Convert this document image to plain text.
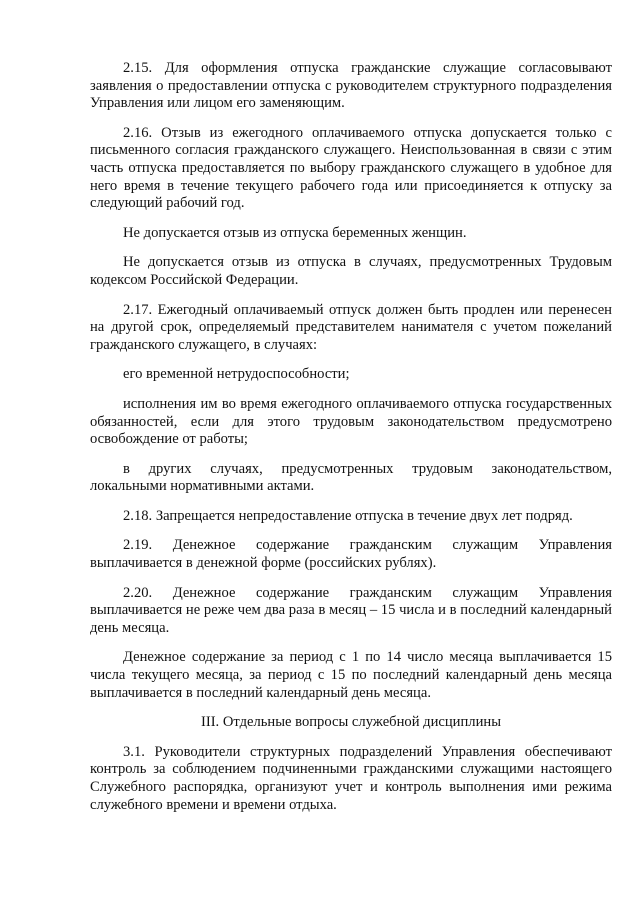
2.15. Для оформления отпуска гражданские служащие согласовывают заявления о предоставлении отпуска с руководителем структурного подразделения Управления или лицом его заменяющим.

2.16. Отзыв из ежегодного оплачиваемого отпуска допускается только с письменного согласия гражданского служащего. Неиспользованная в связи с этим часть отпуска предоставляется по выбору гражданского служащего в удобное для него время в течение текущего рабочего года или присоединяется к отпуску за следующий рабочий год.

Не допускается отзыв из отпуска беременных женщин.

Не допускается отзыв из отпуска в случаях, предусмотренных Трудовым кодексом Российской Федерации.

2.17. Ежегодный оплачиваемый отпуск должен быть продлен или перенесен на другой срок, определяемый представителем нанимателя с учетом пожеланий гражданского служащего, в случаях:

его временной нетрудоспособности;

исполнения им во время ежегодного оплачиваемого отпуска государственных обязанностей, если для этого трудовым законодательством предусмотрено освобождение от работы;

в других случаях, предусмотренных трудовым законодательством, локальными нормативными актами.

2.18. Запрещается непредоставление отпуска в течение двух лет подряд.

2.19. Денежное содержание гражданским служащим Управления выплачивается в денежной форме (российских рублях).

2.20. Денежное содержание гражданским служащим Управления выплачивается не реже чем два раза в месяц – 15 числа и в последний календарный день месяца.

Денежное содержание за период с 1 по 14 число месяца выплачивается 15 числа текущего месяца, за период с 15 по последний календарный день месяца выплачивается в последний календарный день месяца.

III. Отдельные вопросы служебной дисциплины

3.1. Руководители структурных подразделений Управления обеспечивают контроль за соблюдением подчиненными гражданскими служащими настоящего Служебного распорядка, организуют учет и контроль выполнения ими режима служебного времени и времени отдыха.
